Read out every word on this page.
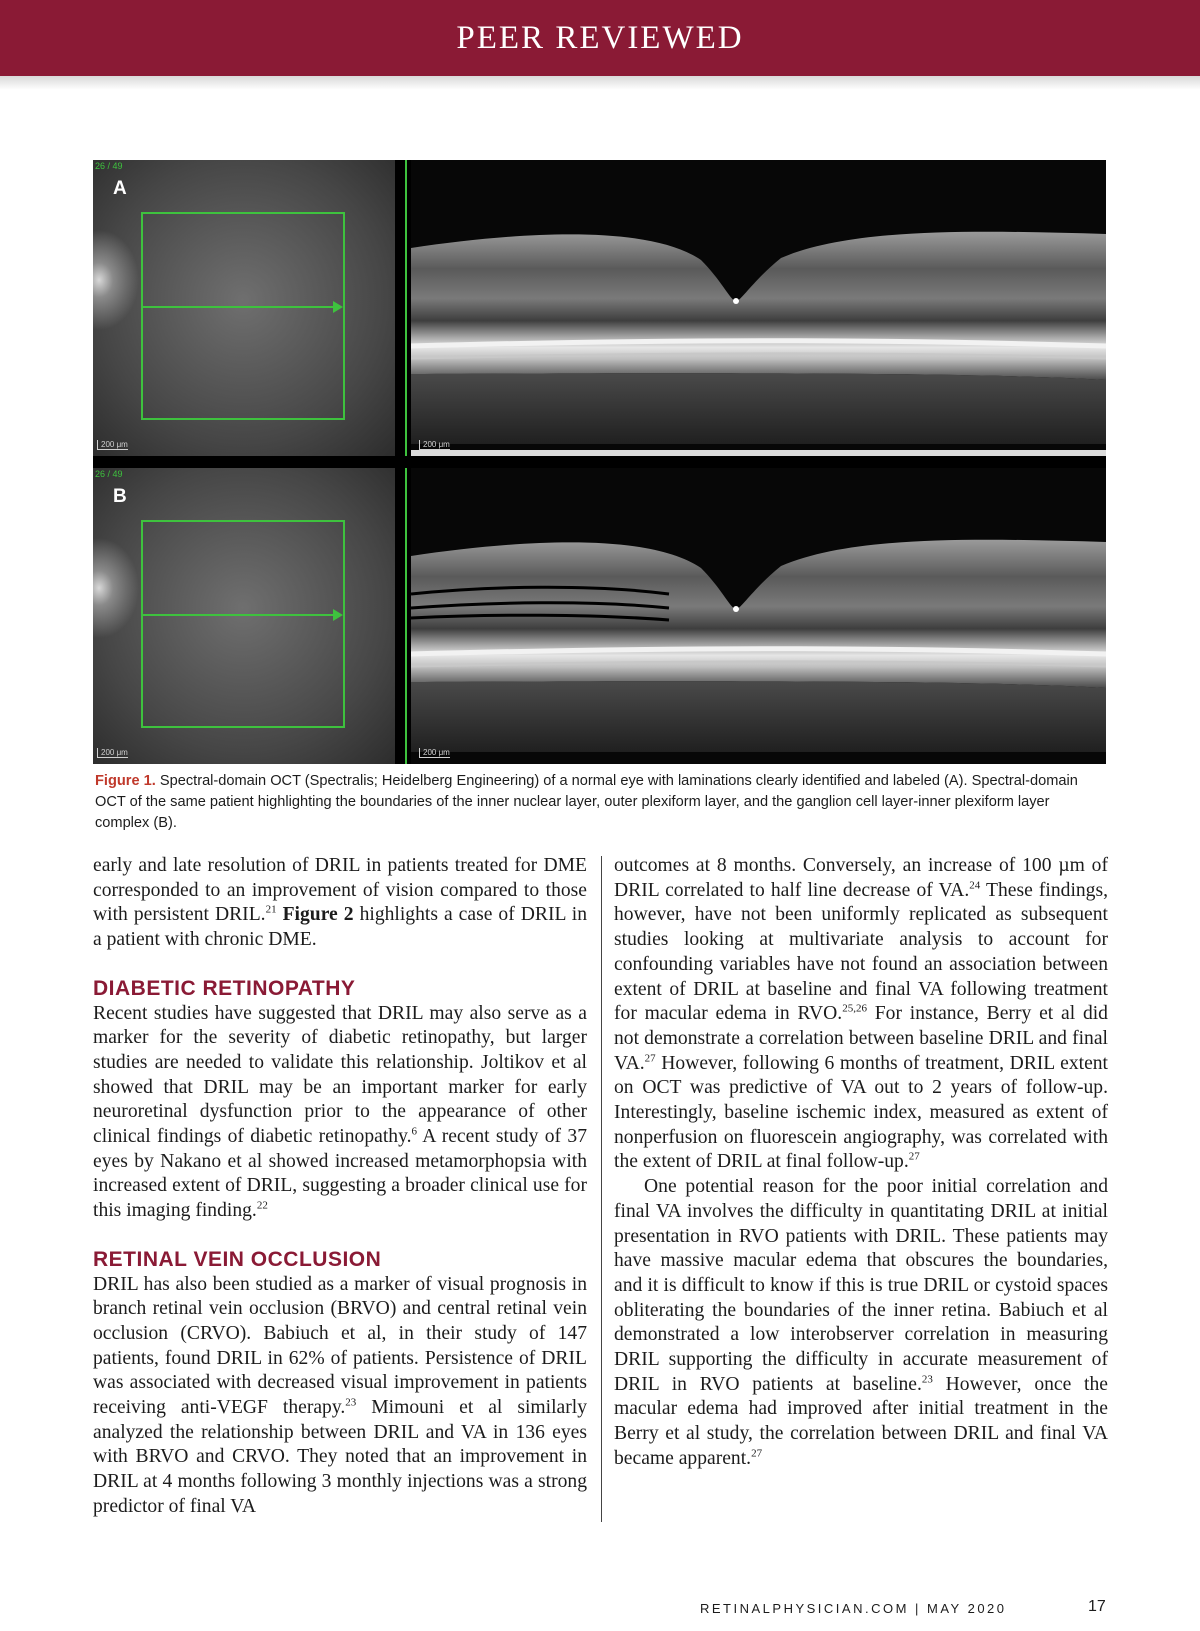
PEER REVIEWED
26 / 49
A
200 μm	200 μm
26 / 49
B
200 μm	200 μm
Figure 1. Spectral-domain OCT (Spectralis; Heidelberg Engineering) of a normal eye with laminations clearly identified and labeled (A). Spectral-domain OCT of the same patient highlighting the boundaries of the inner nuclear layer, outer plexiform layer, and the ganglion cell layer-inner plexiform layer complex (B).

early and late resolution of DRIL in patients treated for DME corresponded to an improvement of vision compared to those with persistent DRIL.$^{21}$ Figure 2 highlights a case of DRIL in a patient with chronic DME.

DIABETIC RETINOPATHY

Recent studies have suggested that DRIL may also serve as a marker for the severity of diabetic retinopathy, but larger studies are needed to validate this relationship. Joltikov et al showed that DRIL may be an important marker for early neuroretinal dysfunction prior to the appearance of other clinical findings of diabetic retinopathy.$^6$ A recent study of 37 eyes by Nakano et al showed increased metamorphopsia with increased extent of DRIL, suggesting a broader clinical use for this imaging finding.$^{22}$

RETINAL VEIN OCCLUSION

DRIL has also been studied as a marker of visual prognosis in branch retinal vein occlusion (BRVO) and central retinal vein occlusion (CRVO). Babiuch et al, in their study of 147 patients, found DRIL in 62% of patients. Persistence of DRIL was associated with decreased visual improvement in patients receiving anti-VEGF therapy.$^{23}$ Mimouni et al similarly analyzed the relationship between DRIL and VA in 136 eyes with BRVO and CRVO. They noted that an improvement in DRIL at 4 months following 3 monthly injections was a strong predictor of final VA

outcomes at 8 months. Conversely, an increase of 100 µm of DRIL correlated to half line decrease of VA.$^{24}$ These findings, however, have not been uniformly replicated as subsequent studies looking at multivariate analysis to account for confounding variables have not found an association between extent of DRIL at baseline and final VA following treatment for macular edema in RVO.$^{25,26}$ For instance, Berry et al did not demonstrate a correlation between baseline DRIL and final VA.$^{27}$ However, following 6 months of treatment, DRIL extent on OCT was predictive of VA out to 2 years of follow-up. Interestingly, baseline ischemic index, measured as extent of nonperfusion on fluorescein angiography, was correlated with the extent of DRIL at final follow-up.$^{27}$

One potential reason for the poor initial correlation and final VA involves the difficulty in quantitating DRIL at initial presentation in RVO patients with DRIL. These patients may have massive macular edema that obscures the boundaries, and it is difficult to know if this is true DRIL or cystoid spaces obliterating the boundaries of the inner retina. Babiuch et al demonstrated a low interobserver correlation in measuring DRIL supporting the difficulty in accurate measurement of DRIL in RVO patients at baseline.$^{23}$ However, once the macular edema had improved after initial treatment in the Berry et al study, the correlation between DRIL and final VA became apparent.$^{27}$

RETINALPHYSICIAN.COM | MAY 2020	17
